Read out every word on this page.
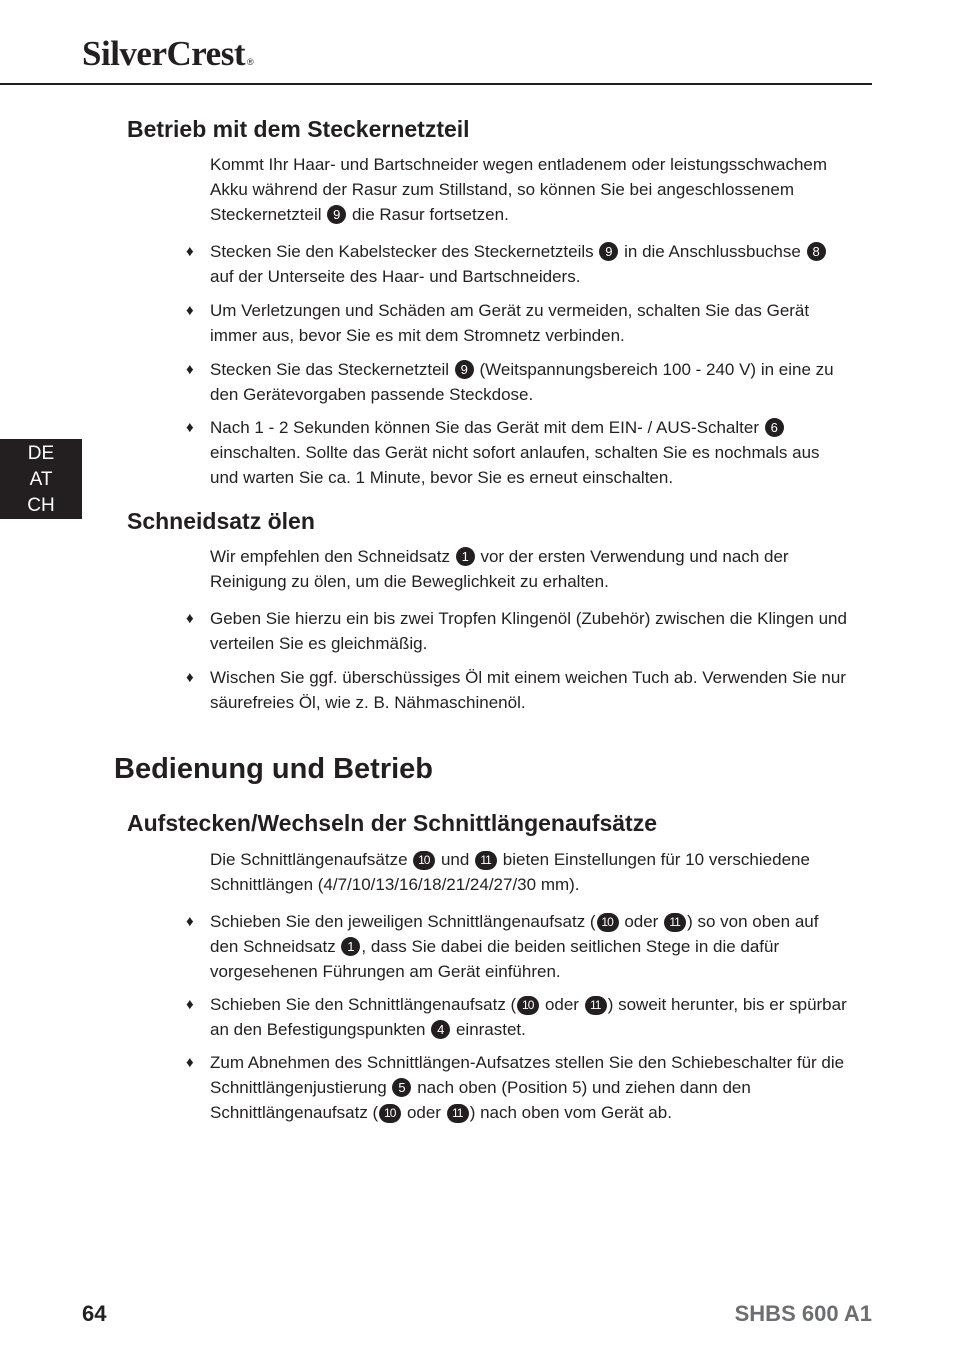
SilverCrest ®
DE
AT
CH
Betrieb mit dem Steckernetzteil

Kommt Ihr Haar- und Bartschneider wegen entladenem oder leistungsschwachem Akku während der Rasur zum Stillstand, so können Sie bei angeschlossenem Steckernetzteil 9 die Rasur fortsetzen.

♦ Stecken Sie den Kabelstecker des Steckernetzteils 9 in die Anschlussbuchse 8 auf der Unterseite des Haar- und Bartschneiders.
♦ Um Verletzungen und Schäden am Gerät zu vermeiden, schalten Sie das Gerät immer aus, bevor Sie es mit dem Stromnetz verbinden.
♦ Stecken Sie das Steckernetzteil 9 (Weitspannungsbereich 100 - 240 V) in eine zu den Gerätevorgaben passende Steckdose.
♦ Nach 1 - 2 Sekunden können Sie das Gerät mit dem EIN- / AUS-Schalter 6 einschalten. Sollte das Gerät nicht sofort anlaufen, schalten Sie es nochmals aus und warten Sie ca. 1 Minute, bevor Sie es erneut einschalten.
Schneidsatz ölen

Wir empfehlen den Schneidsatz 1 vor der ersten Verwendung und nach der Reinigung zu ölen, um die Beweglichkeit zu erhalten.

♦ Geben Sie hierzu ein bis zwei Tropfen Klingenöl (Zubehör) zwischen die Klingen und verteilen Sie es gleichmäßig.
♦ Wischen Sie ggf. überschüssiges Öl mit einem weichen Tuch ab. Verwenden Sie nur säurefreies Öl, wie z. B. Nähmaschinenöl.
Bedienung und Betrieb
Aufstecken/Wechseln der Schnittlängenaufsätze

Die Schnittlängenaufsätze 10 und 11 bieten Einstellungen für 10 verschiedene Schnittlängen (4/7/10/13/16/18/21/24/27/30 mm).

♦ Schieben Sie den jeweiligen Schnittlängenaufsatz ( 10 oder 11 ) so von oben auf den Schneidsatz 1 , dass Sie dabei die beiden seitlichen Stege in die dafür vorgesehenen Führungen am Gerät einführen.
♦ Schieben Sie den Schnittlängenaufsatz ( 10 oder 11 ) soweit herunter, bis er spürbar an den Befestigungspunkten 4 einrastet.
♦ Zum Abnehmen des Schnittlängen-Aufsatzes stellen Sie den Schiebeschalter für die Schnittlängenjustierung 5 nach oben (Position 5) und ziehen dann den Schnittlängenaufsatz ( 10 oder 11 ) nach oben vom Gerät ab.
64	SHBS 600 A1
